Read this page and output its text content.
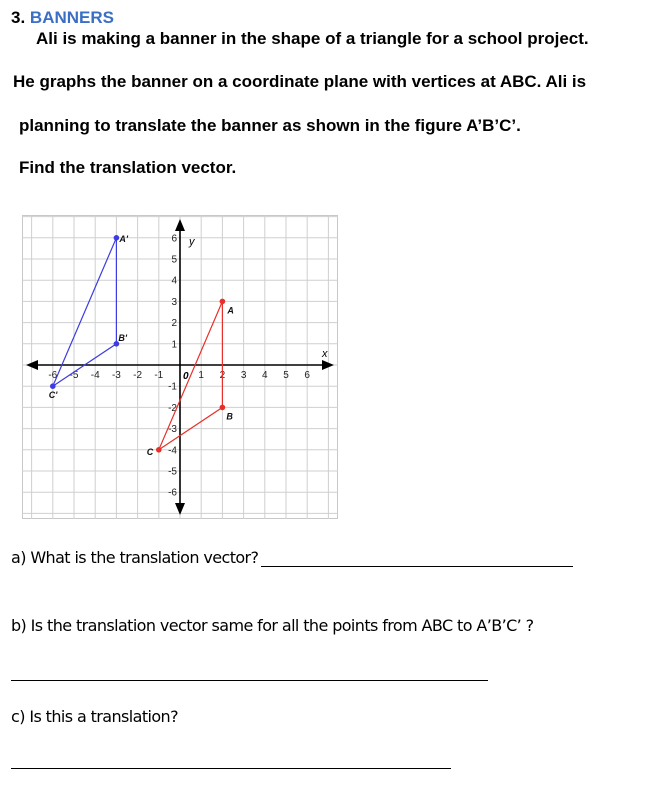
3. BANNERS
Ali is making a banner in the shape of a triangle for a school project.
He graphs the banner on a coordinate plane with vertices at ABC. Ali is
planning to translate the banner as shown in the figure A’B’C’.
Find the translation vector.
x
y
0
-6 -5 -4 -3 -2 -1	1 2 3 4 5 6
6
5
4
3
2
1
-1
-2
-3
-4
-5
-6
A
B
C
A'
B'
C'
a) What is the translation vector?
b) Is the translation vector same for all the points from ABC to A’B’C’ ?
c) Is this a translation?
